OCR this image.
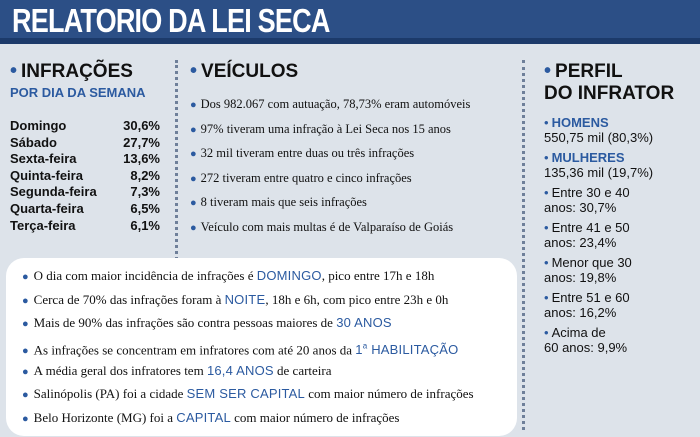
RELATORIO DA LEI SECA
• INFRAÇÕES
POR DIA DA SEMANA
Domingo	30,6%
Sábado	27,7%
Sexta-feira	13,6%
Quinta-feira	8,2%
Segunda-feira	7,3%
Quarta-feira	6,5%
Terça-feira	6,1%
• VEÍCULOS
● Dos 982.067 com autuação, 78,73% eram automóveis
● 97% tiveram uma infração à Lei Seca nos 15 anos
● 32 mil tiveram entre duas ou três infrações
● 272 tiveram entre quatro e cinco infrações
● 8 tiveram mais que seis infrações
● Veículo com mais multas é de Valparaíso de Goiás
• PERFIL
DO INFRATOR
• HOMENS
550,75 mil (80,3%)
• MULHERES
135,36 mil (19,7%)
• Entre 30 e 40
anos: 30,7%
• Entre 41 e 50
anos: 23,4%
• Menor que 30
anos: 19,8%
• Entre 51 e 60
anos: 16,2%
• Acima de
60 anos: 9,9%
● O dia com maior incidência de infrações é DOMINGO, pico entre 17h e 18h
● Cerca de 70% das infrações foram à NOITE, 18h e 6h, com pico entre 23h e 0h
● Mais de 90% das infrações são contra pessoas maiores de 30 ANOS
● As infrações se concentram em infratores com até 20 anos da 1$^a$ HABILITAÇÃO
● A média geral dos infratores tem 16,4 ANOS de carteira
● Salinópolis (PA) foi a cidade SEM SER CAPITAL com maior número de infrações
● Belo Horizonte (MG) foi a CAPITAL com maior número de infrações
